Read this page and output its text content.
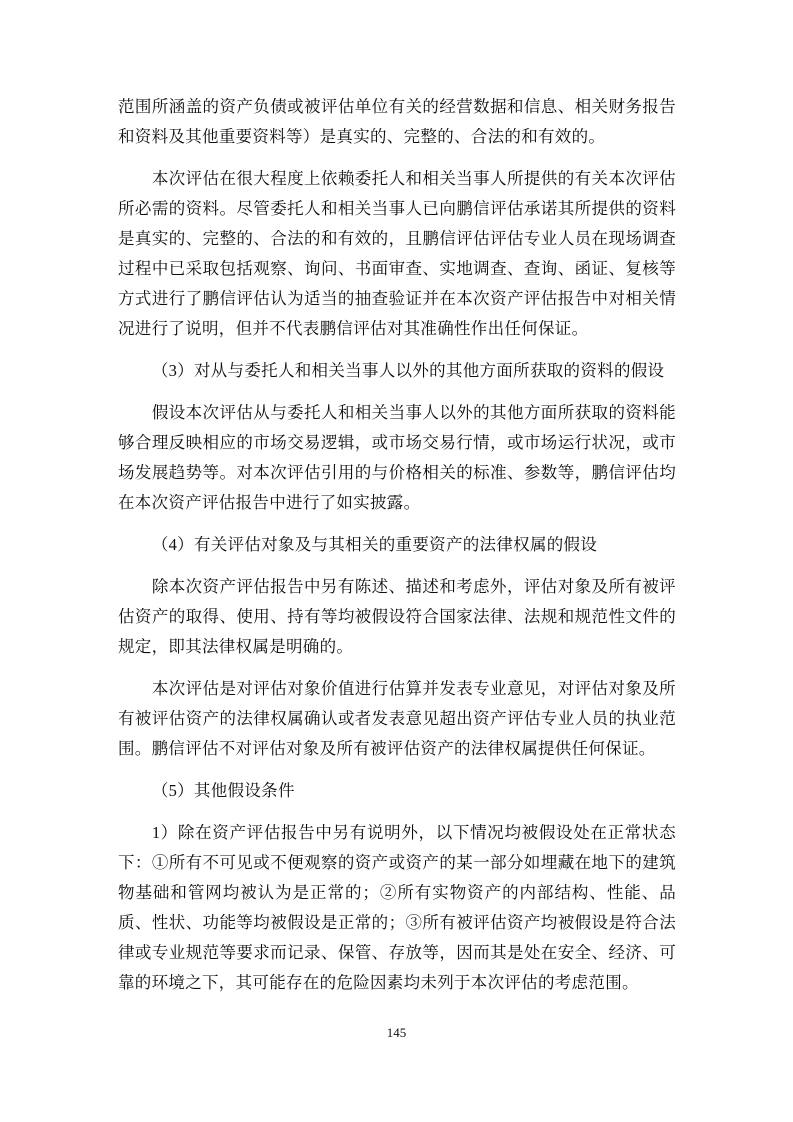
范围所涵盖的资产负债或被评估单位有关的经营数据和信息、相关财务报告和资料及其他重要资料等）是真实的、完整的、合法的和有效的。

本次评估在很大程度上依赖委托人和相关当事人所提供的有关本次评估所必需的资料。尽管委托人和相关当事人已向鹏信评估承诺其所提供的资料是真实的、完整的、合法的和有效的，且鹏信评估评估专业人员在现场调查过程中已采取包括观察、询问、书面审查、实地调查、查询、函证、复核等方式进行了鹏信评估认为适当的抽查验证并在本次资产评估报告中对相关情况进行了说明，但并不代表鹏信评估对其准确性作出任何保证。

（3）对从与委托人和相关当事人以外的其他方面所获取的资料的假设

假设本次评估从与委托人和相关当事人以外的其他方面所获取的资料能够合理反映相应的市场交易逻辑，或市场交易行情，或市场运行状况，或市场发展趋势等。对本次评估引用的与价格相关的标准、参数等，鹏信评估均在本次资产评估报告中进行了如实披露。

（4）有关评估对象及与其相关的重要资产的法律权属的假设

除本次资产评估报告中另有陈述、描述和考虑外，评估对象及所有被评估资产的取得、使用、持有等均被假设符合国家法律、法规和规范性文件的规定，即其法律权属是明确的。

本次评估是对评估对象价值进行估算并发表专业意见，对评估对象及所有被评估资产的法律权属确认或者发表意见超出资产评估专业人员的执业范围。鹏信评估不对评估对象及所有被评估资产的法律权属提供任何保证。

（5）其他假设条件

1）除在资产评估报告中另有说明外，以下情况均被假设处在正常状态下：①所有不可见或不便观察的资产或资产的某一部分如埋藏在地下的建筑物基础和管网均被认为是正常的；②所有实物资产的内部结构、性能、品质、性状、功能等均被假设是正常的；③所有被评估资产均被假设是符合法律或专业规范等要求而记录、保管、存放等，因而其是处在安全、经济、可靠的环境之下，其可能存在的危险因素均未列于本次评估的考虑范围。

145
